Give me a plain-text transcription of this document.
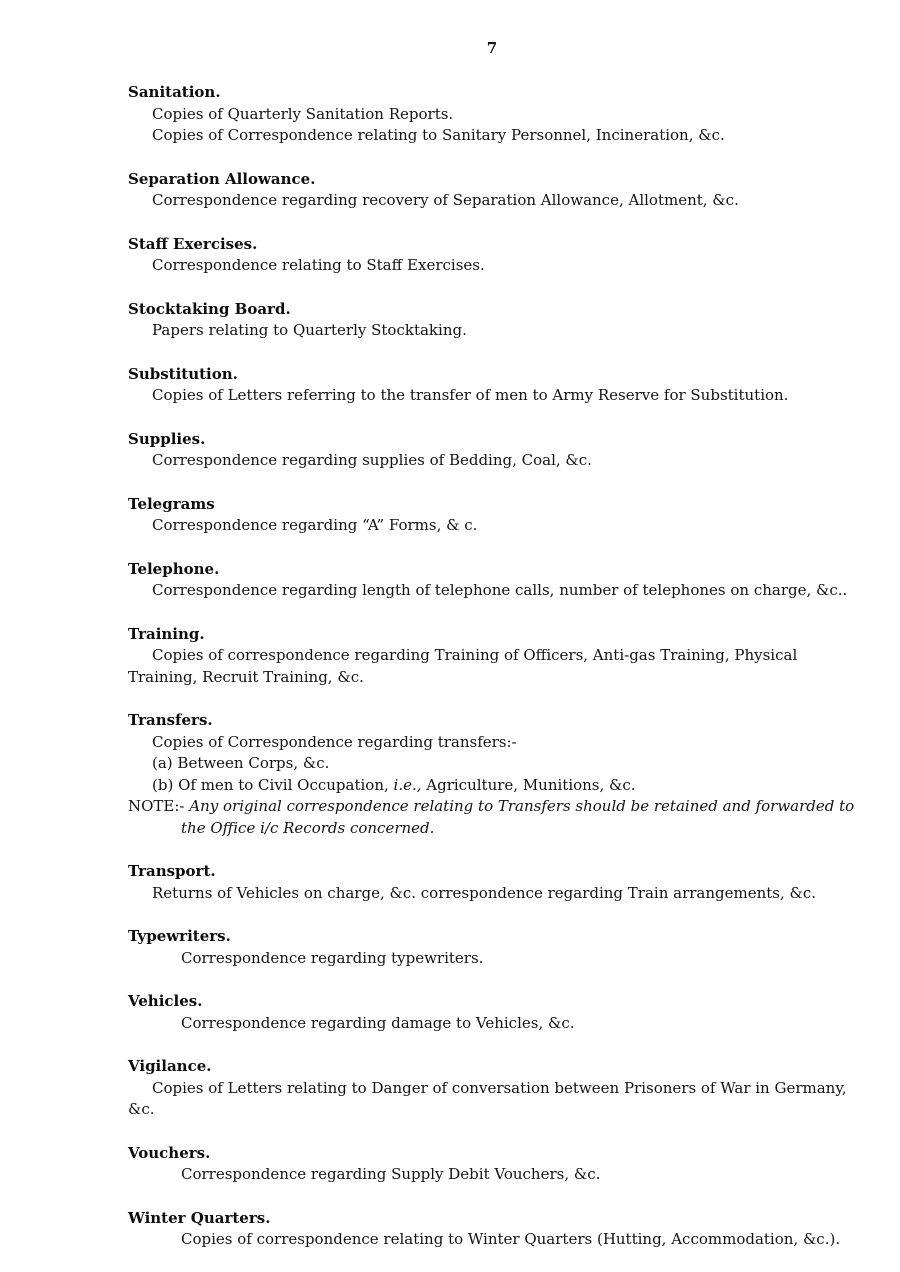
7
Sanitation.
Copies of Quarterly Sanitation Reports.
Copies of Correspondence relating to Sanitary Personnel, Incineration, &c.
Separation Allowance.
Correspondence regarding recovery of Separation Allowance, Allotment, &c.
Staff Exercises.
Correspondence relating to Staff Exercises.
Stocktaking Board.
Papers relating to Quarterly Stocktaking.
Substitution.
Copies of Letters referring to the transfer of men to Army Reserve for Substitution.
Supplies.
Correspondence regarding supplies of Bedding, Coal, &c.
Telegrams
Correspondence regarding “A” Forms, & c.
Telephone.
Correspondence regarding length of telephone calls, number of telephones on charge, &c..
Training.
Copies of correspondence regarding Training of Officers, Anti-gas Training, Physical
Training, Recruit Training, &c.
Transfers.
Copies of Correspondence regarding transfers:-
(a) Between Corps, &c.
(b) Of men to Civil Occupation, i.e., Agriculture, Munitions, &c.
NOTE:- Any original correspondence relating to Transfers should be retained and forwarded to
the Office i/c Records concerned.
Transport.
Returns of Vehicles on charge, &c. correspondence regarding Train arrangements, &c.
Typewriters.
Correspondence regarding typewriters.
Vehicles.
Correspondence regarding damage to Vehicles, &c.
Vigilance.
Copies of Letters relating to Danger of conversation between Prisoners of War in Germany,
&c.
Vouchers.
Correspondence regarding Supply Debit Vouchers, &c.
Winter Quarters.
Copies of correspondence relating to Winter Quarters (Hutting, Accommodation, &c.).
